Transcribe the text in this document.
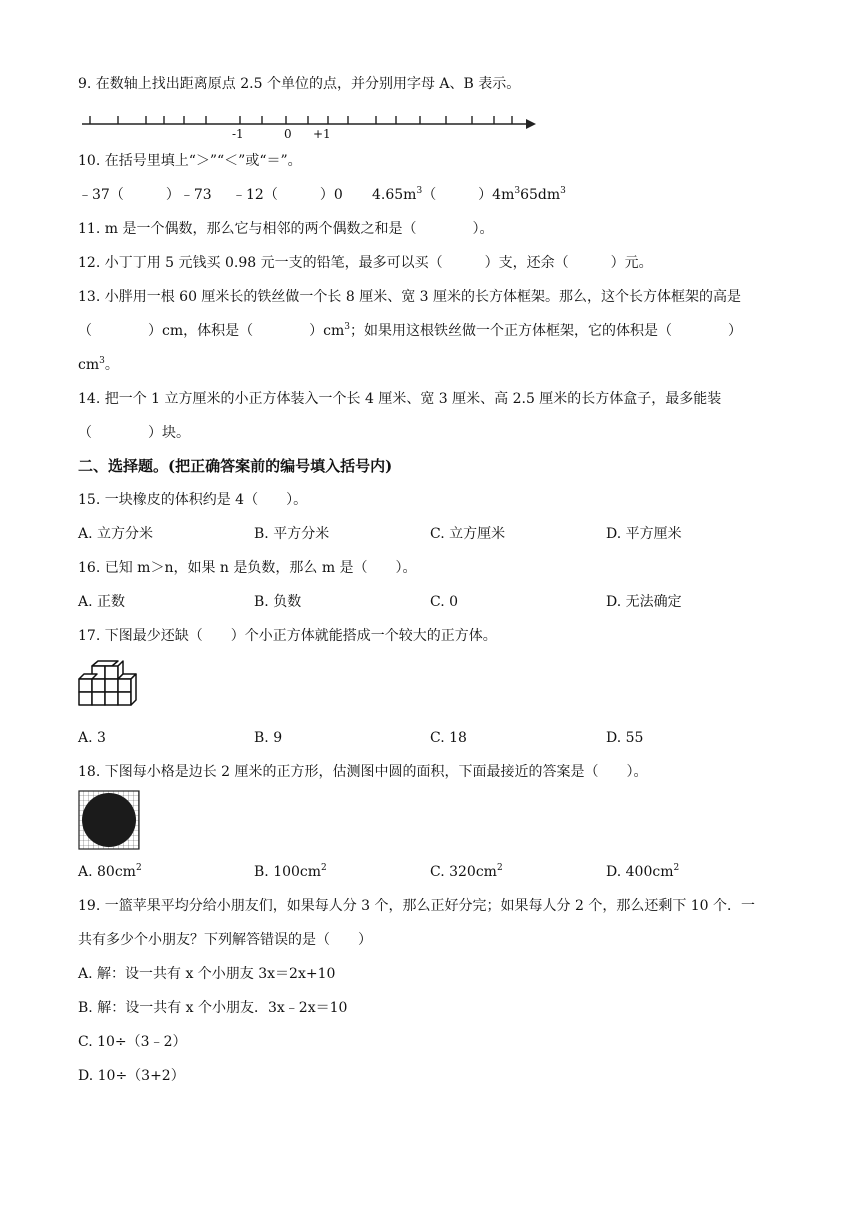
9. 在数轴上找出距离原点 2.5 个单位的点，并分别用字母 A、B 表示。
-1	0 +1
10. 在括号里填上“＞”“＜”或“＝”。
﹣37（　　　）﹣73 ﹣12（　　　）0 $4.65m^3$（　　　）$4m^365dm^3$
11. m 是一个偶数，那么它与相邻的两个偶数之和是（　　　　）。
12. 小丁丁用 5 元钱买 0.98 元一支的铅笔，最多可以买（　　　）支，还余（　　　）元。
13. 小胖用一根 60 厘米长的铁丝做一个长 8 厘米、宽 3 厘米的长方体框架。那么，这个长方体框架的高是
（　　　　）cm，体积是（　　　　）$cm^3$；如果用这根铁丝做一个正方体框架，它的体积是（　　　　）
$cm^3$。
14. 把一个 1 立方厘米的小正方体装入一个长 4 厘米、宽 3 厘米、高 2.5 厘米的长方体盒子，最多能装
（　　　　）块。
二、选择题。(把正确答案前的编号填入括号内)
15. 一块橡皮的体积约是 4（　　）。
A. 立方分米	B. 平方分米	C. 立方厘米	D. 平方厘米
16. 已知 m＞n，如果 n 是负数，那么 m 是（　　）。
A. 正数	B. 负数	C. 0	D. 无法确定
17. 下图最少还缺（　　）个小正方体就能搭成一个较大的正方体。
A. 3	B. 9	C. 18	D. 55
18. 下图每小格是边长 2 厘米的正方形，估测图中圆的面积，下面最接近的答案是（　　）。
A. $80cm^2$	B. $100cm^2$	C. $320cm^2$	D. $400cm^2$
19. 一篮苹果平均分给小朋友们，如果每人分 3 个，那么正好分完；如果每人分 2 个，那么还剩下 10 个．一
共有多少个小朋友？下列解答错误的是（　　）
A. 解：设一共有 x 个小朋友 3x＝2x+10
B. 解：设一共有 x 个小朋友．3x﹣2x＝10
C. 10÷（3﹣2）
D. 10÷（3+2）
